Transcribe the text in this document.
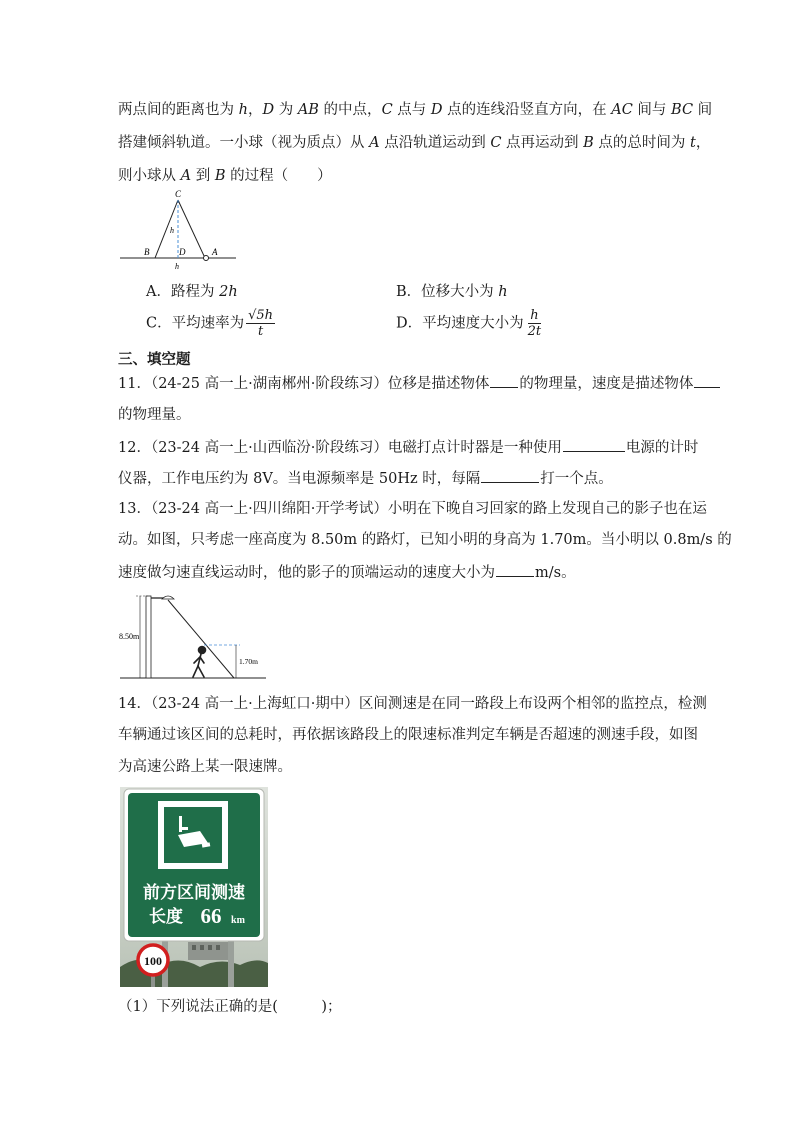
两点间的距离也为 h，D 为 AB 的中点，C 点与 D 点的连线沿竖直方向，在 AC 间与 BC 间
搭建倾斜轨道。一小球（视为质点）从 A 点沿轨道运动到 C 点再运动到 B 点的总时间为 t，
则小球从 A 到 B 的过程（　　）
C
B	D	A
h
h
A．路程为 2h	B．位移大小为 h
C．平均速率为 $\frac{√5h}{t}$	D．平均速度大小为 $\frac{h}{2t}$
三、填空题
11．（24-25 高一上·湖南郴州·阶段练习）位移是描述物体 的物理量，速度是描述物体
的物理量。
12．（23-24 高一上·山西临汾·阶段练习）电磁打点计时器是一种使用	电源的计时
仪器，工作电压约为 8V。当电源频率是 50Hz 时，每隔	打一个点。
13．（23-24 高一上·四川绵阳·开学考试）小明在下晚自习回家的路上发现自己的影子也在运
动。如图，只考虑一座高度为 8.50m 的路灯，已知小明的身高为 1.70m。当小明以 0.8m/s 的
速度做匀速直线运动时，他的影子的顶端运动的速度大小为	m/s。
8.50m
1.70m
14．（23-24 高一上·上海虹口·期中）区间测速是在同一路段上布设两个相邻的监控点，检测
车辆通过该区间的总耗时，再依据该路段上的限速标准判定车辆是否超速的测速手段，如图
为高速公路上某一限速牌。
前方区间测速
长度 66 km
100
（1）下列说法正确的是(　　　)；
